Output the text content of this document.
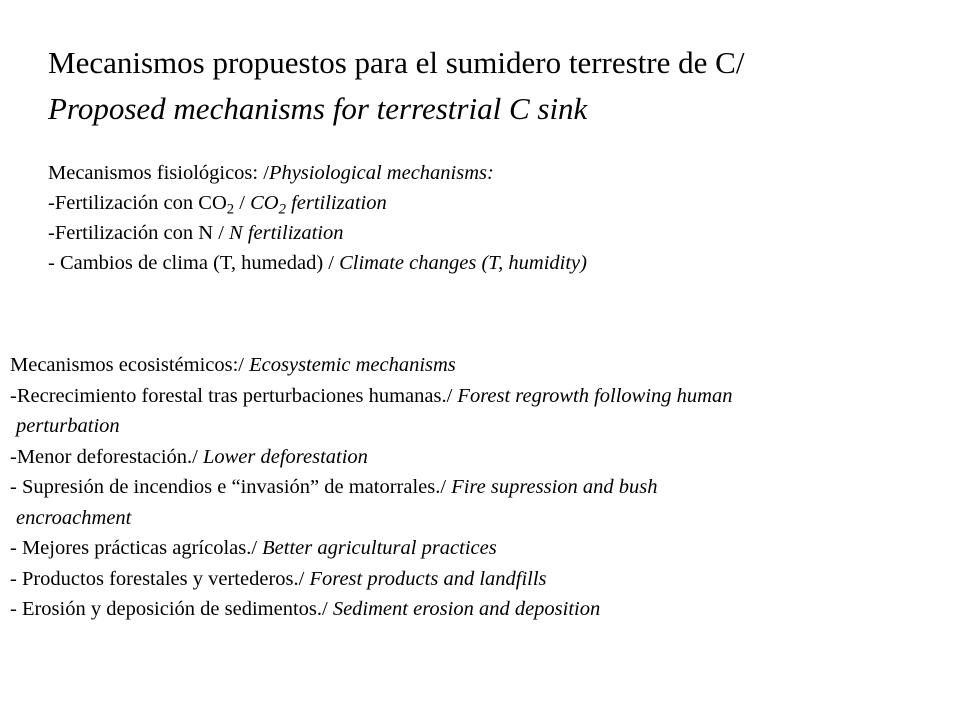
Mecanismos propuestos para el sumidero terrestre de C/
Proposed mechanisms for terrestrial C sink
Mecanismos fisiológicos: /Physiological mechanisms:
-Fertilización con $CO_2 / CO_2$ fertilization
-Fertilización con N / N fertilization
- Cambios de clima (T, humedad) / Climate changes (T, humidity)
Mecanismos ecosistémicos:/ Ecosystemic mechanisms
-Recrecimiento forestal tras perturbaciones humanas./ Forest regrowth following human
perturbation
-Menor deforestación./ Lower deforestation
- Supresión de incendios e “invasión” de matorrales./ Fire supression and bush
encroachment
- Mejores prácticas agrícolas./ Better agricultural practices
- Productos forestales y vertederos./ Forest products and landfills
- Erosión y deposición de sedimentos./ Sediment erosion and deposition
